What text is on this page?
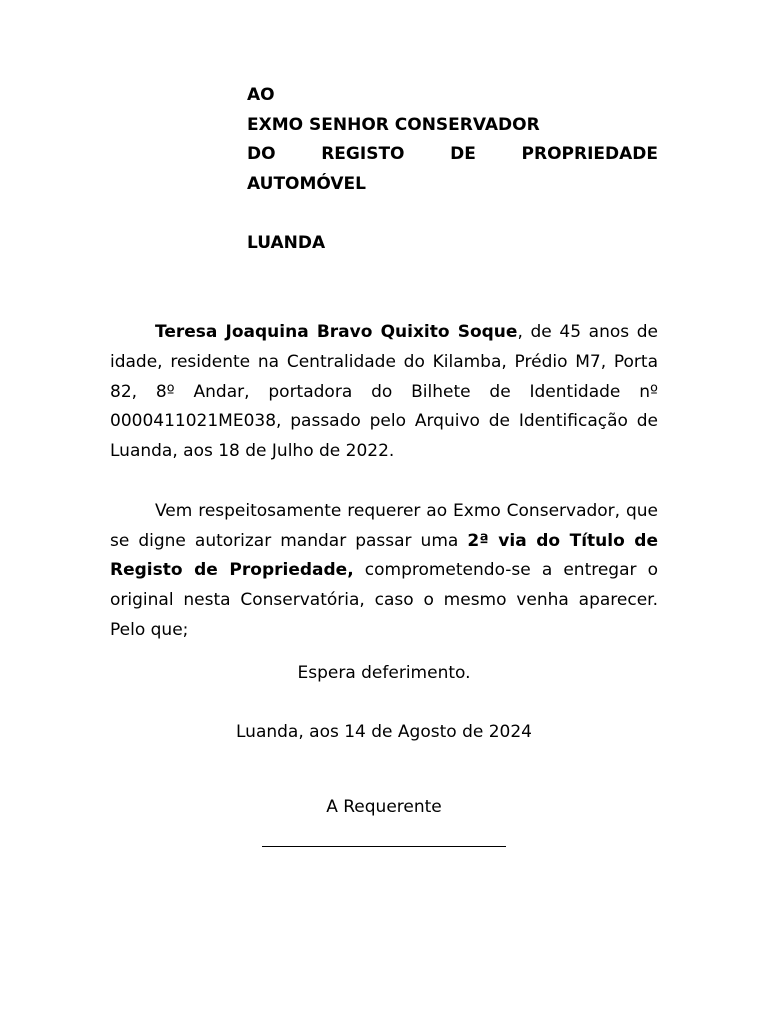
AO
EXMO SENHOR CONSERVADOR
DO	REGISTO	DE	PROPRIEDADE
AUTOMÓVEL
LUANDA

Teresa Joaquina Bravo Quixito Soque, de 45 anos de idade, residente na Centralidade do Kilamba, Prédio M7, Porta 82, 8º Andar, portadora do Bilhete de Identidade nº 0000411021ME038, passado pelo Arquivo de Identificação de Luanda, aos 18 de Julho de 2022.

Vem respeitosamente requerer ao Exmo Conservador, que se digne autorizar mandar passar uma 2ª via do Título de Registo de Propriedade, comprometendo-se a entregar o original nesta Conservatória, caso o mesmo venha aparecer. Pelo que;

Espera deferimento.
Luanda, aos 14 de Agosto de 2024
A Requerente
